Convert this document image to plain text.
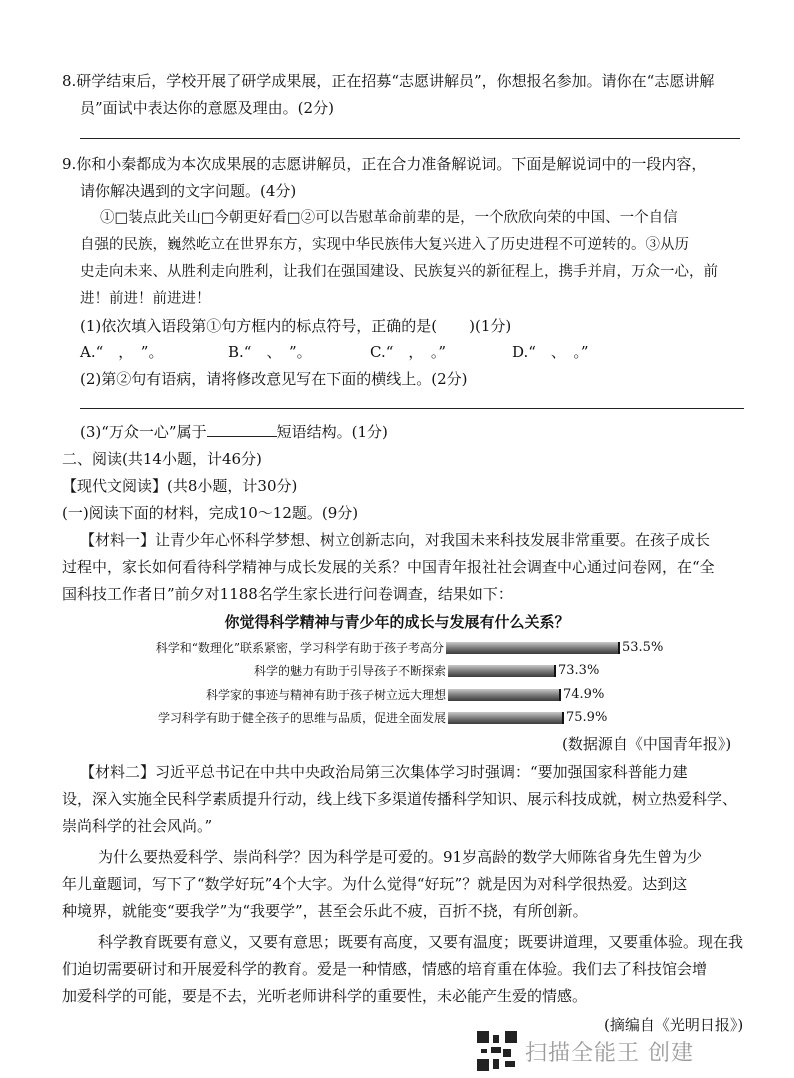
8.研学结束后，学校开展了研学成果展，正在招募“志愿讲解员”，你想报名参加。请你在“志愿讲解
员”面试中表达你的意愿及理由。(2分)
9.你和小秦都成为本次成果展的志愿讲解员，正在合力准备解说词。下面是解说词中的一段内容，
请你解决遇到的文字问题。(4分)
①□装点此关山□今朝更好看□②可以告慰革命前辈的是，一个欣欣向荣的中国、一个自信
自强的民族，巍然屹立在世界东方，实现中华民族伟大复兴进入了历史进程不可逆转的。③从历
史走向未来、从胜利走向胜利，让我们在强国建设、民族复兴的新征程上，携手并肩，万众一心，前
进！前进！前进进！
(1)依次填入语段第①句方框内的标点符号，正确的是( )(1分)
A.“　，　”。	B.“　、　”。	C.“　，　。”	D.“　、　。”
(2)第②句有语病，请将修改意见写在下面的横线上。(2分)
(3)“万众一心”属于	短语结构。(1分)
二、阅读(共14小题，计46分)
【现代文阅读】(共8小题，计30分)
(一)阅读下面的材料，完成10～12题。(9分)
【材料一】让青少年心怀科学梦想、树立创新志向，对我国未来科技发展非常重要。在孩子成长
过程中，家长如何看待科学精神与成长发展的关系？中国青年报社社会调查中心通过问卷网，在“全
国科技工作者日”前夕对1188名学生家长进行问卷调查，结果如下：
你觉得科学精神与青少年的成长与发展有什么关系？
科学和“数理化”联系紧密，学习科学有助于孩子考高分	53.5%
科学的魅力有助于引导孩子不断探索	73.3%
科学家的事迹与精神有助于孩子树立远大理想	74.9%
学习科学有助于健全孩子的思维与品质，促进全面发展	75.9%
(数据源自《中国青年报》)
【材料二】习近平总书记在中共中央政治局第三次集体学习时强调：“要加强国家科普能力建
设，深入实施全民科学素质提升行动，线上线下多渠道传播科学知识、展示科技成就，树立热爱科学、
崇尚科学的社会风尚。”
为什么要热爱科学、崇尚科学？因为科学是可爱的。91岁高龄的数学大师陈省身先生曾为少
年儿童题词，写下了“数学好玩”4个大字。为什么觉得“好玩”？就是因为对科学很热爱。达到这
种境界，就能变“要我学”为“我要学”，甚至会乐此不疲，百折不挠，有所创新。
科学教育既要有意义，又要有意思；既要有高度，又要有温度；既要讲道理，又要重体验。现在我
们迫切需要研讨和开展爱科学的教育。爱是一种情感，情感的培育重在体验。我们去了科技馆会增
加爱科学的可能，要是不去，光听老师讲科学的重要性，未必能产生爱的情感。
(摘编自《光明日报》)
扫描全能王 创建
